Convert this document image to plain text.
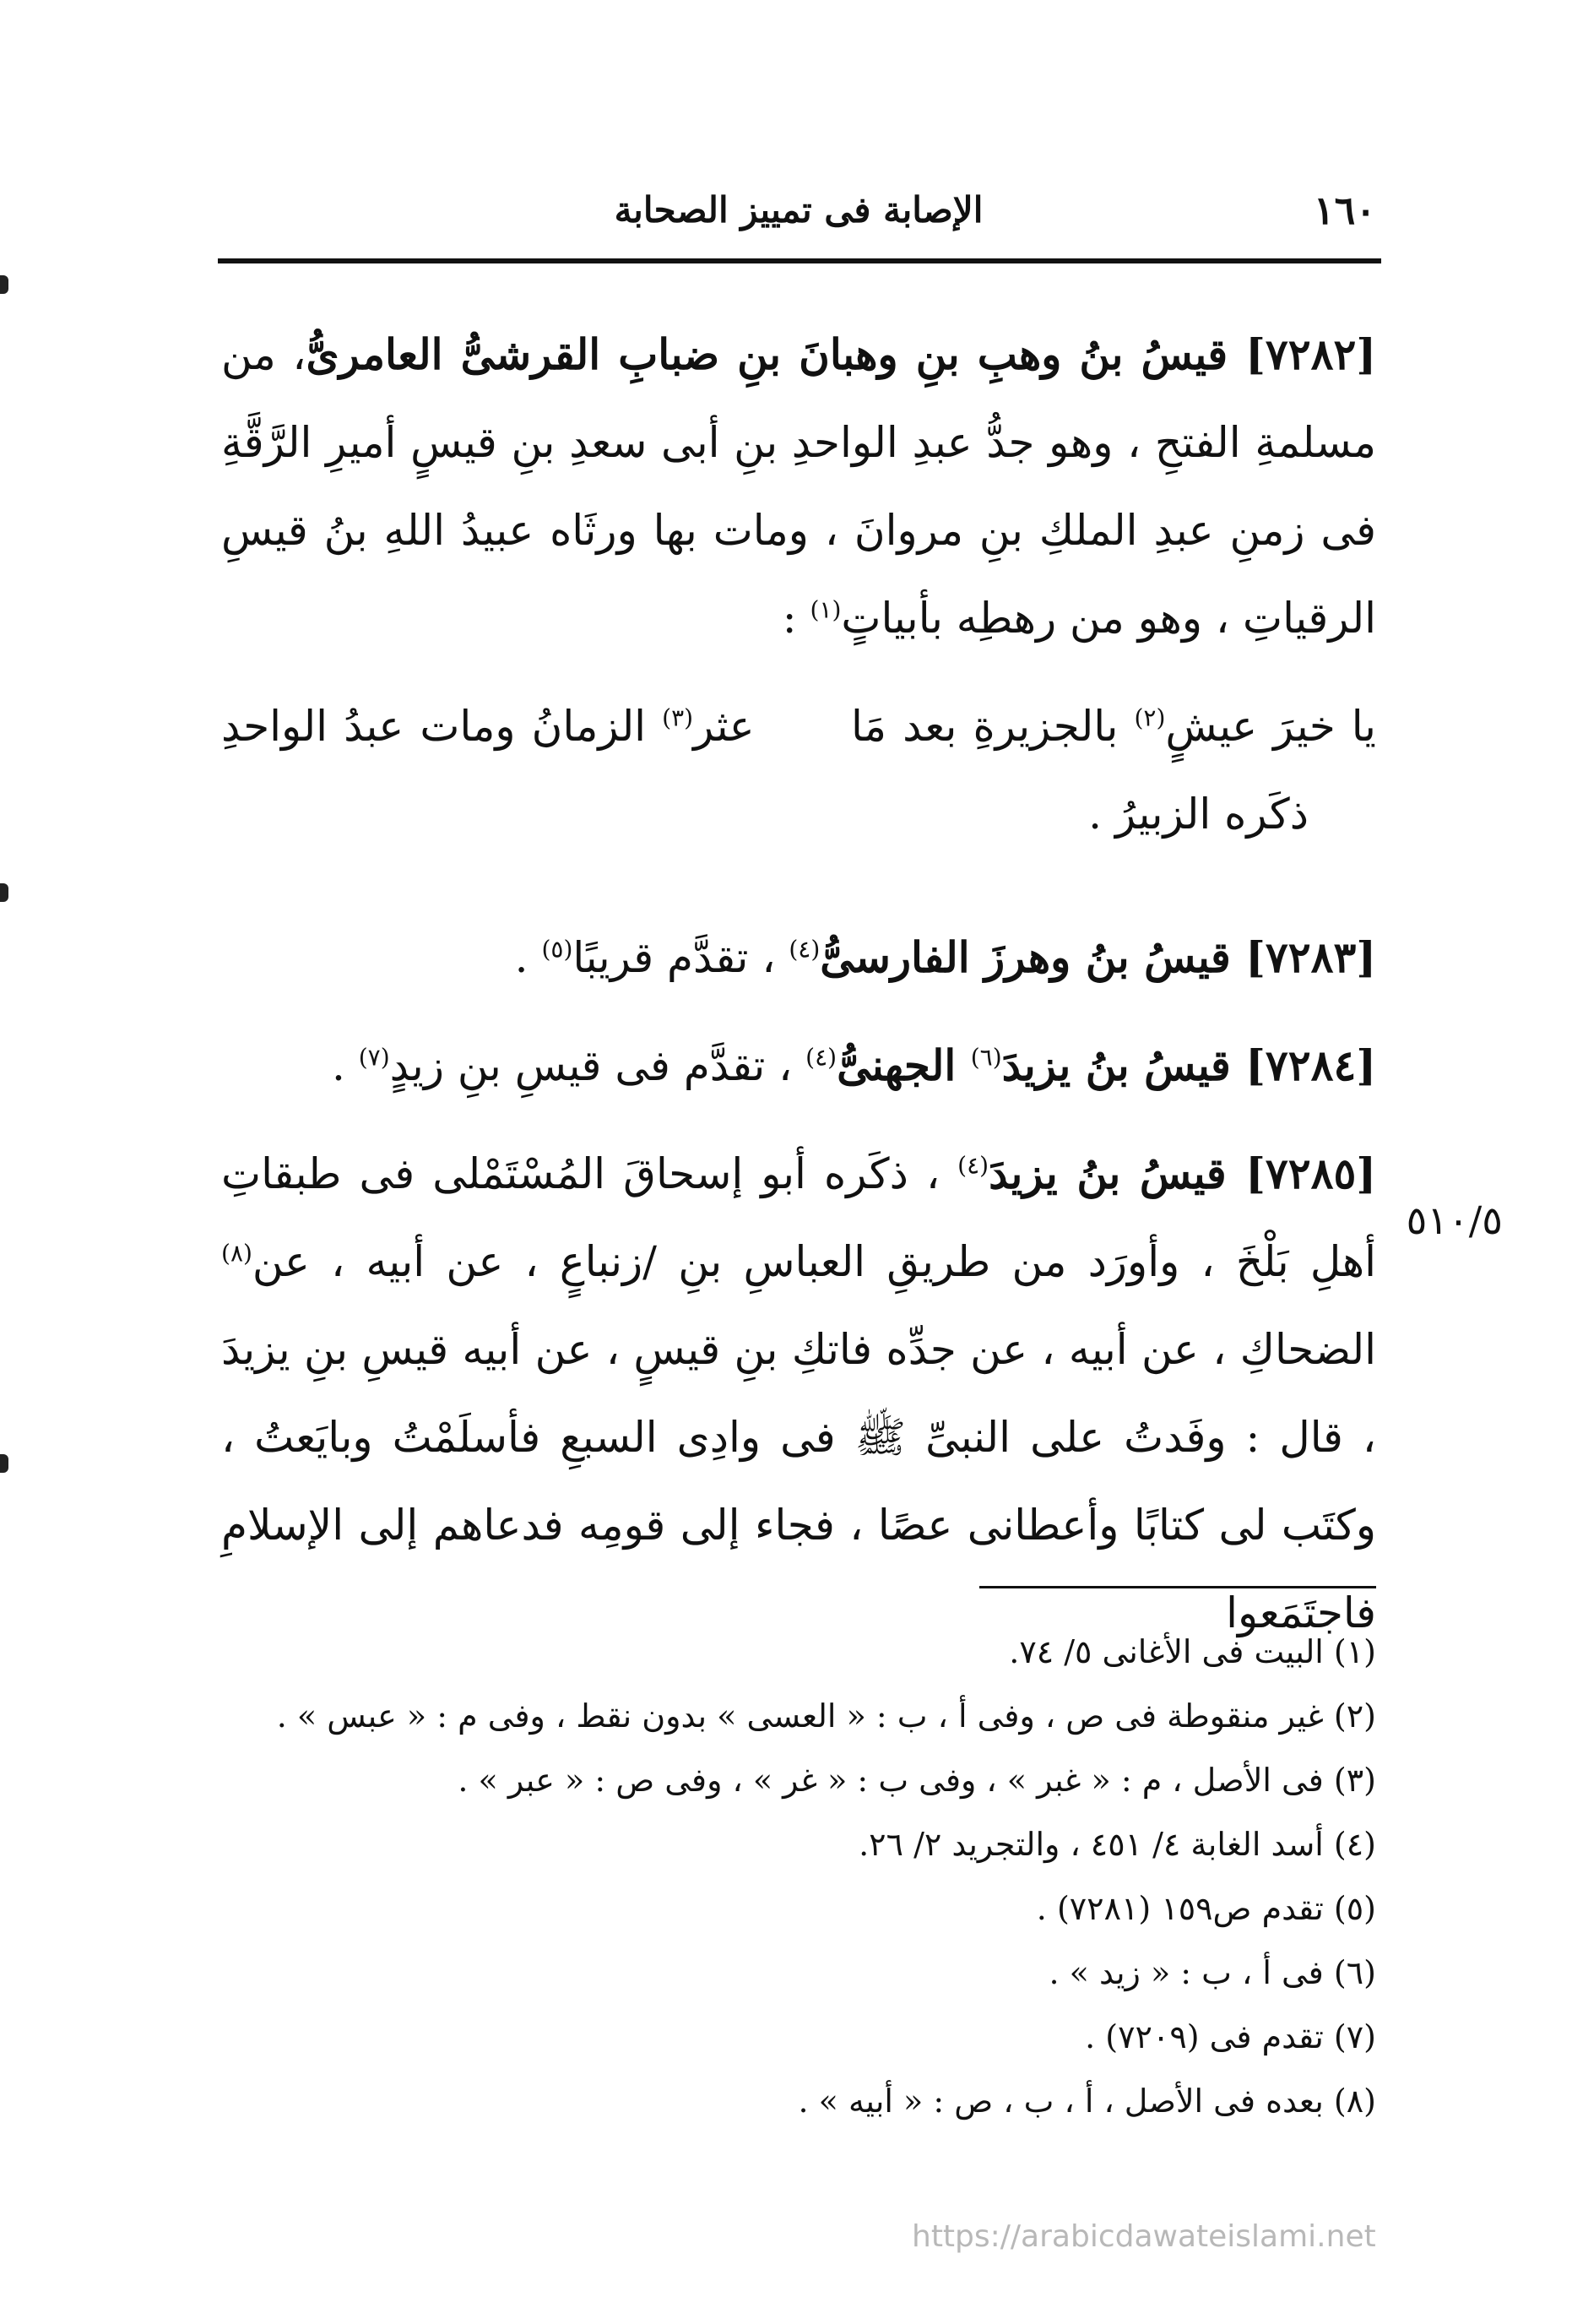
١٦٠
الإصابة فى تمييز الصحابة

[٧٢٨٢] قيسُ بنُ وهبِ بنِ وهبانَ بنِ ضبابِ القرشىُّ العامرىُّ، من مسلمةِ الفتحِ ، وهو جدُّ عبدِ الواحدِ بنِ أبى سعدِ بنِ قيسٍ أميرِ الرَّقَّةِ فى زمنِ عبدِ الملكِ بنِ مروانَ ، ومات بها ورثَاه عبيدُ اللهِ بنُ قيسِ الرقياتِ ، وهو من رهطِه بأبياتٍ$^{(١)}$ :

يا خيرَ عيشٍ$^{(٢)}$ بالجزيرةِ بعد مَا      عثر$^{(٣)}$ الزمانُ ومات عبدُ الواحدِ
ذكَره الزبيرُ .

[٧٢٨٣] قيسُ بنُ وهرزَ الفارسىُّ$^{(٤)}$ ، تقدَّم قريبًا$^{(٥)}$ .

[٧٢٨٤] قيسُ بنُ يزيدَ$^{(٦)}$ الجهنىُّ$^{(٤)}$ ، تقدَّم فى قيسِ بنِ زيدٍ$^{(٧)}$ .

[٧٢٨٥] قيسُ بنُ يزيدَ$^{(٤)}$ ، ذكَره أبو إسحاقَ المُسْتَمْلى فى طبقاتِ أهلِ بَلْخَ ، وأورَد من طريقِ العباسِ بنِ /زنباعٍ ، عن أبيه ، عن$^{(٨)}$ الضحاكِ ، عن أبيه ، عن جدِّه فاتكِ بنِ قيسٍ ، عن أبيه قيسِ بنِ يزيدَ ، قال : وفَدتُ على النبىِّ ﷺ فى وادِى السبعِ فأسلَمْتُ وبايَعتُ ، وكتَب لى كتابًا وأعطانى عصًا ، فجاء إلى قومِه فدعاهم إلى الإسلامِ فاجتَمَعوا

٥١٠/٥
(١) البيت فى الأغانى ٥/ ٧٤.
(٢) غير منقوطة فى ص ، وفى أ ، ب : « العسى » بدون نقط ، وفى م : « عبس » .
(٣) فى الأصل ، م : « غبر » ، وفى ب : « غر » ، وفى ص : « عبر » .
(٤) أسد الغابة ٤/ ٤٥١ ، والتجريد ٢/ ٢٦.
(٥) تقدم ص١٥٩ (٧٢٨١) .
(٦) فى أ ، ب : « زيد » .
(٧) تقدم فى (٧٢٠٩) .
(٨) بعده فى الأصل ، أ ، ب ، ص : « أبيه » .
https://arabicdawateislami.net
